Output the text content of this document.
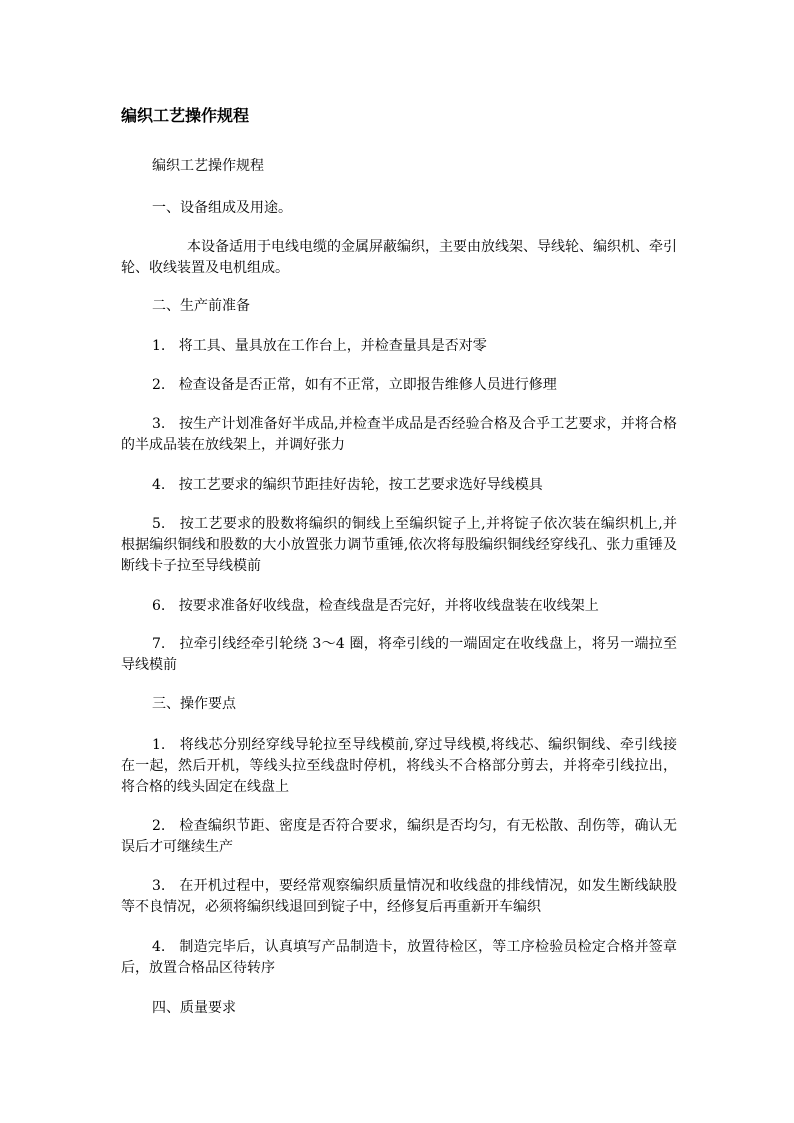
编织工艺操作规程
编织工艺操作规程
一、设备组成及用途。
本设备适用于电线电缆的金属屏蔽编织，主要由放线架、导线轮、编织机、牵引轮、收线装置及电机组成。
二、生产前准备
1.   将工具、量具放在工作台上，并检查量具是否对零
2.   检查设备是否正常，如有不正常，立即报告维修人员进行修理
3.   按生产计划准备好半成品,并检查半成品是否经验合格及合乎工艺要求，并将合格的半成品装在放线架上，并调好张力
4.   按工艺要求的编织节距挂好齿轮，按工艺要求选好导线模具
5.   按工艺要求的股数将编织的铜线上至编织锭子上,并将锭子依次装在编织机上,并根据编织铜线和股数的大小放置张力调节重锤,依次将每股编织铜线经穿线孔、张力重锤及断线卡子拉至导线模前
6.   按要求准备好收线盘，检查线盘是否完好，并将收线盘装在收线架上
7.   拉牵引线经牵引轮绕 3～4 圈，将牵引线的一端固定在收线盘上，将另一端拉至导线模前
三、操作要点
1.   将线芯分别经穿线导轮拉至导线模前,穿过导线模,将线芯、编织铜线、牵引线接在一起，然后开机，等线头拉至线盘时停机，将线头不合格部分剪去，并将牵引线拉出，将合格的线头固定在线盘上
2.   检查编织节距、密度是否符合要求，编织是否均匀，有无松散、刮伤等，确认无误后才可继续生产
3.   在开机过程中，要经常观察编织质量情况和收线盘的排线情况，如发生断线缺股等不良情况，必须将编织线退回到锭子中，经修复后再重新开车编织
4.   制造完毕后，认真填写产品制造卡，放置待检区，等工序检验员检定合格并签章后，放置合格品区待转序
四、质量要求
